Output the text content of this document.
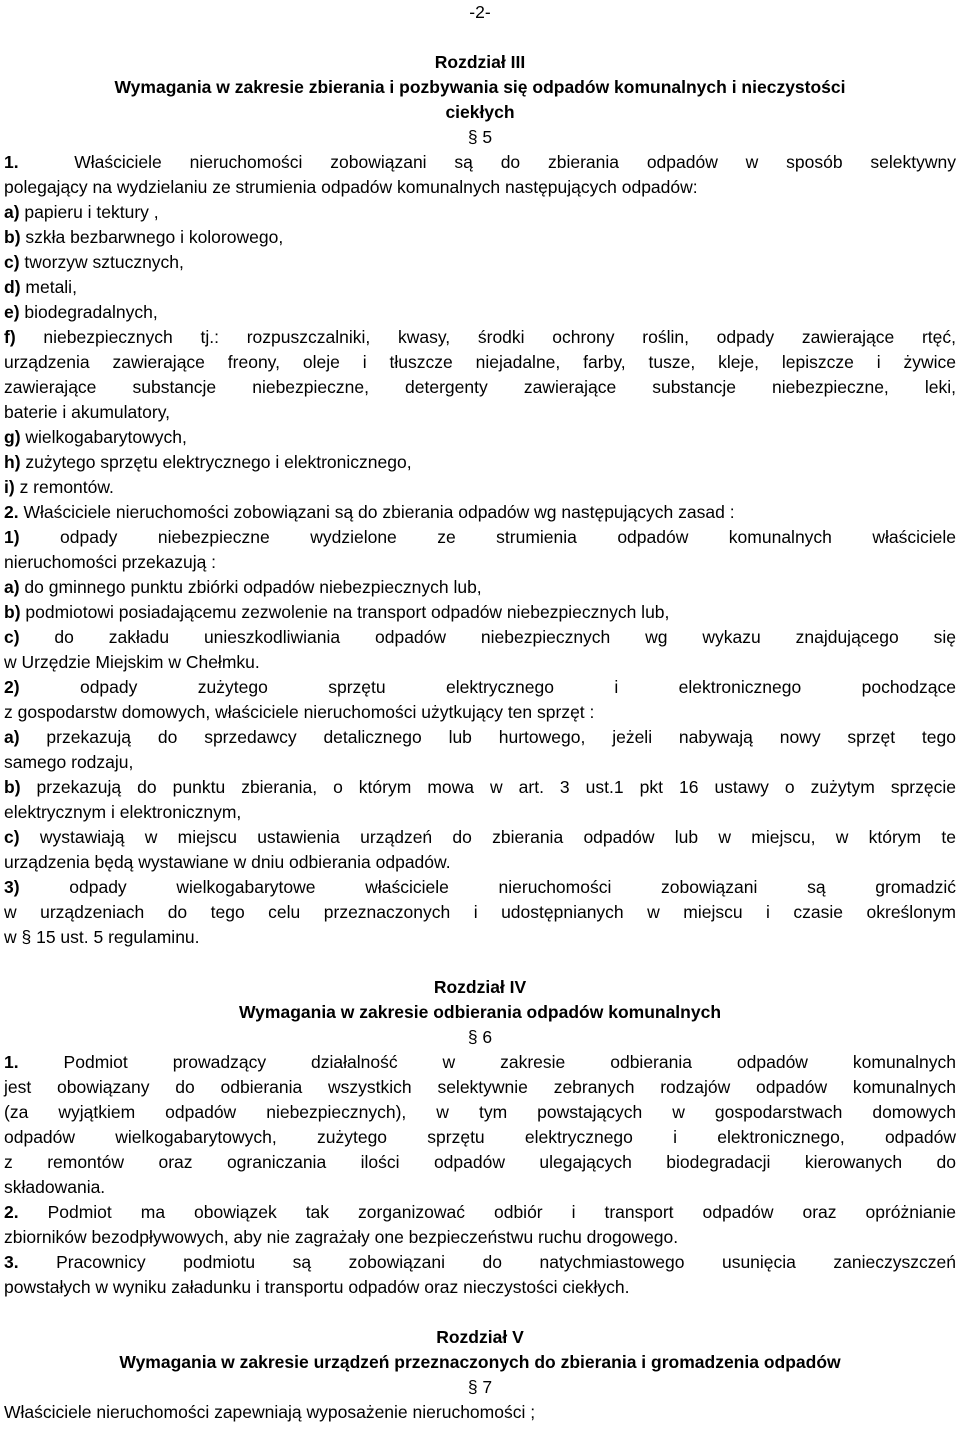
-2-
Rozdział III
Wymagania w zakresie zbierania i pozbywania się odpadów komunalnych i nieczystości
ciekłych
§ 5
1.	Właściciele nieruchomości zobowiązani są do zbierania odpadów w sposób selektywny
polegający na wydzielaniu ze strumienia odpadów komunalnych następujących odpadów:
a) papieru i tektury ,
b) szkła bezbarwnego i kolorowego,
c) tworzyw sztucznych,
d) metali,
e) biodegradalnych,
f) niebezpiecznych tj.: rozpuszczalniki, kwasy, środki ochrony roślin, odpady zawierające rtęć,
urządzenia zawierające freony, oleje i tłuszcze niejadalne, farby, tusze, kleje, lepiszcze i żywice
zawierające substancje niebezpieczne, detergenty zawierające substancje niebezpieczne, leki,
baterie i akumulatory,
g) wielkogabarytowych,
h) zużytego sprzętu elektrycznego i elektronicznego,
i) z remontów.
2. Właściciele nieruchomości zobowiązani są do zbierania odpadów wg następujących zasad :
1) odpady niebezpieczne wydzielone ze strumienia odpadów komunalnych właściciele
nieruchomości przekazują :
a) do gminnego punktu zbiórki odpadów niebezpiecznych lub,
b) podmiotowi posiadającemu zezwolenie na transport odpadów niebezpiecznych lub,
c) do zakładu unieszkodliwiania odpadów niebezpiecznych wg wykazu znajdującego się
w Urzędzie Miejskim w Chełmku.
2) odpady zużytego sprzętu elektrycznego i elektronicznego pochodzące
z gospodarstw domowych, właściciele nieruchomości użytkujący ten sprzęt :
a) przekazują do sprzedawcy detalicznego lub hurtowego, jeżeli nabywają nowy sprzęt tego
samego rodzaju,
b) przekazują do punktu zbierania, o którym mowa w art. 3 ust.1 pkt 16 ustawy o zużytym sprzęcie
elektrycznym i elektronicznym,
c) wystawiają w miejscu ustawienia urządzeń do zbierania odpadów lub w miejscu, w którym te
urządzenia będą wystawiane w dniu odbierania odpadów.
3) odpady wielkogabarytowe właściciele nieruchomości zobowiązani są gromadzić
w urządzeniach do tego celu przeznaczonych i udostępnianych w miejscu i czasie określonym
w § 15 ust. 5 regulaminu.
Rozdział IV
Wymagania w zakresie odbierania odpadów komunalnych
§ 6
1. Podmiot prowadzący działalność w zakresie odbierania odpadów komunalnych
jest obowiązany do odbierania wszystkich selektywnie zebranych rodzajów odpadów komunalnych
(za wyjątkiem odpadów niebezpiecznych), w tym powstających w gospodarstwach domowych
odpadów wielkogabarytowych, zużytego sprzętu elektrycznego i elektronicznego, odpadów
z remontów oraz ograniczania ilości odpadów ulegających biodegradacji kierowanych do
składowania.
2. Podmiot ma obowiązek tak zorganizować odbiór i transport odpadów oraz opróżnianie
zbiorników bezodpływowych, aby nie zagrażały one bezpieczeństwu ruchu drogowego.
3. Pracownicy podmiotu są zobowiązani do natychmiastowego usunięcia zanieczyszczeń
powstałych w wyniku załadunku i transportu odpadów oraz nieczystości ciekłych.
Rozdział V
Wymagania w zakresie urządzeń przeznaczonych do zbierania i gromadzenia odpadów
§ 7
Właściciele nieruchomości zapewniają wyposażenie nieruchomości ;
